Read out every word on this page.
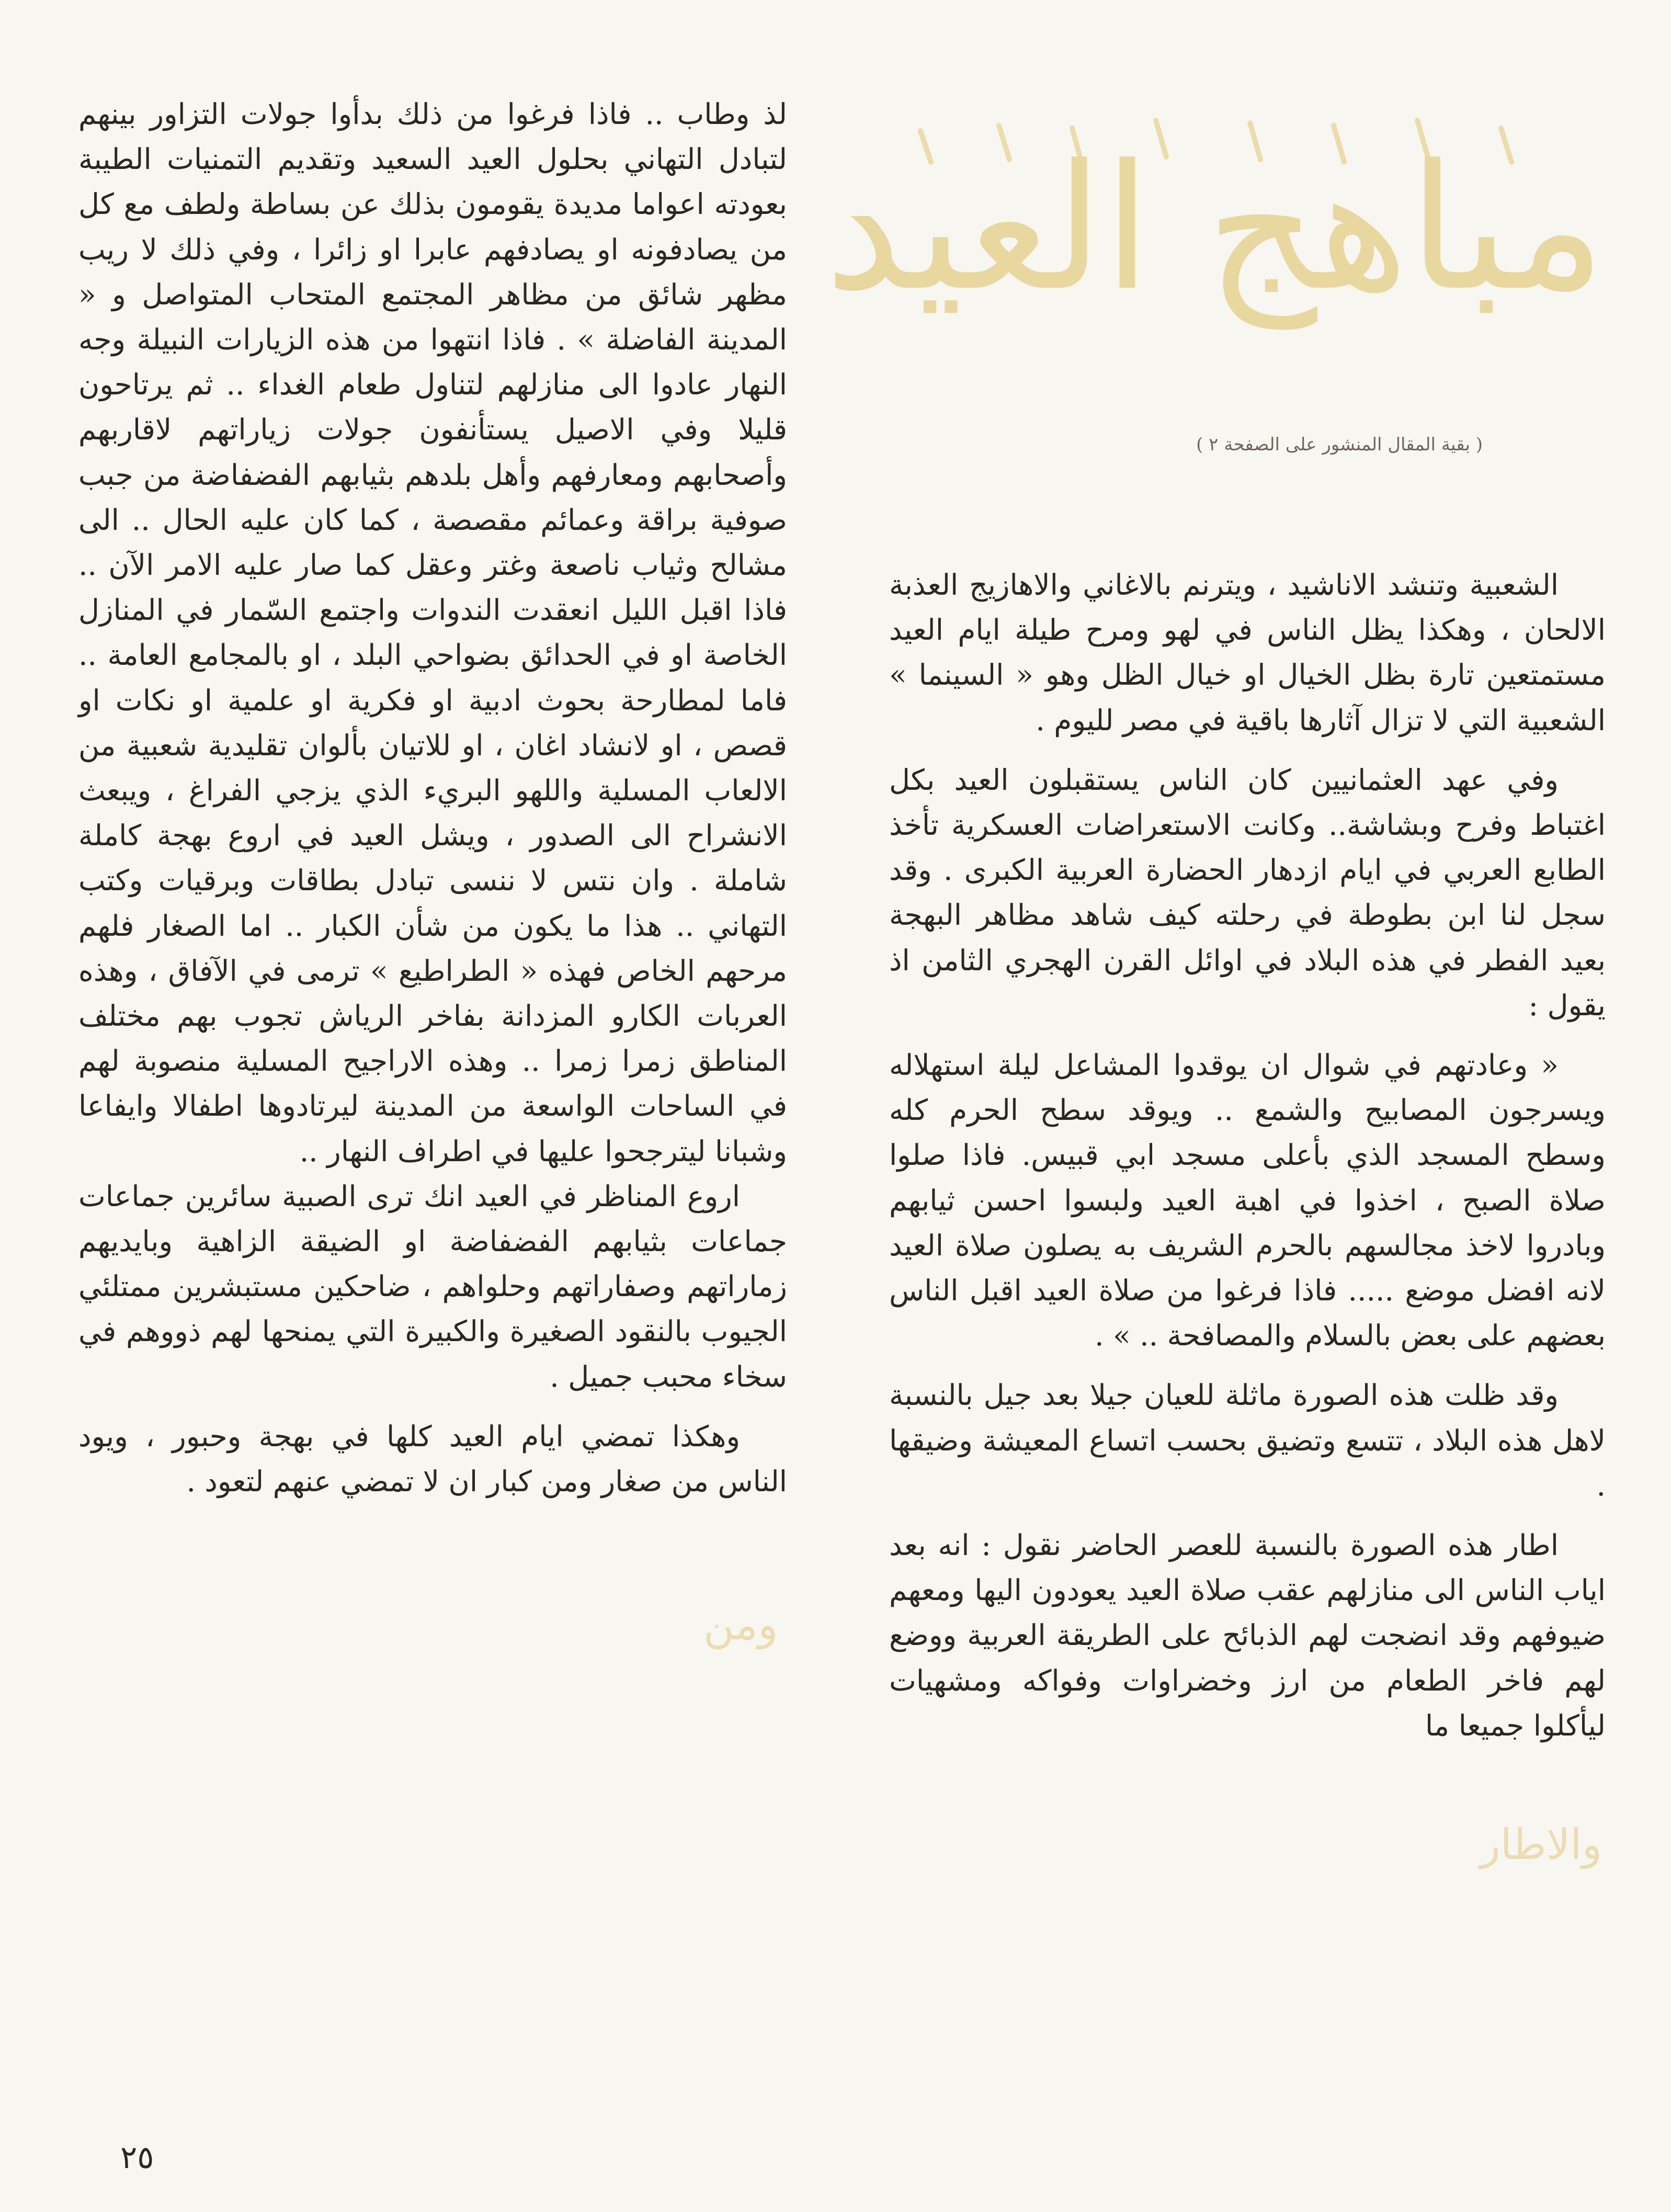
مباهج العيد
( بقية المقال المنشور على الصفحة ٢ )

الشعبية وتنشد الاناشيد ، ويترنم بالاغاني والاهازيج العذبة الالحان ، وهكذا يظل الناس في لهو ومرح طيلة ايام العيد مستمتعين تارة بظل الخيال او خيال الظل وهو « السينما » الشعبية التي لا تزال آثارها باقية في مصر لليوم .

وفي عهد العثمانيين كان الناس يستقبلون العيد بكل اغتباط وفرح وبشاشة.. وكانت الاستعراضات العسكرية تأخذ الطابع العربي في ايام ازدهار الحضارة العربية الكبرى . وقد سجل لنا ابن بطوطة في رحلته كيف شاهد مظاهر البهجة بعيد الفطر في هذه البلاد في اوائل القرن الهجري الثامن اذ يقول :

« وعادتهم في شوال ان يوقدوا المشاعل ليلة استهلاله ويسرجون المصابيح والشمع .. ويوقد سطح الحرم كله وسطح المسجد الذي بأعلى مسجد ابي قبيس. فاذا صلوا صلاة الصبح ، اخذوا في اهبة العيد ولبسوا احسن ثيابهم وبادروا لاخذ مجالسهم بالحرم الشريف به يصلون صلاة العيد لانه افضل موضع ..... فاذا فرغوا من صلاة العيد اقبل الناس بعضهم على بعض بالسلام والمصافحة .. » .

وقد ظلت هذه الصورة ماثلة للعيان جيلا بعد جيل بالنسبة لاهل هذه البلاد ، تتسع وتضيق بحسب اتساع المعيشة وضيقها .

اطار هذه الصورة بالنسبة للعصر الحاضر نقول : انه بعد اياب الناس الى منازلهم عقب صلاة العيد يعودون اليها ومعهم ضيوفهم وقد انضجت لهم الذبائح على الطريقة العربية ووضع لهم فاخر الطعام من ارز وخضراوات وفواكه ومشهيات ليأكلوا جميعا ما

لذ وطاب .. فاذا فرغوا من ذلك بدأوا جولات التزاور بينهم لتبادل التهاني بحلول العيد السعيد وتقديم التمنيات الطيبة بعودته اعواما مديدة يقومون بذلك عن بساطة ولطف مع كل من يصادفونه او يصادفهم عابرا او زائرا ، وفي ذلك لا ريب مظهر شائق من مظاهر المجتمع المتحاب المتواصل و « المدينة الفاضلة » . فاذا انتهوا من هذه الزيارات النبيلة وجه النهار عادوا الى منازلهم لتناول طعام الغداء .. ثم يرتاحون قليلا وفي الاصيل يستأنفون جولات زياراتهم لاقاربهم وأصحابهم ومعارفهم وأهل بلدهم بثيابهم الفضفاضة من جبب صوفية براقة وعمائم مقصصة ، كما كان عليه الحال .. الى مشالح وثياب ناصعة وغتر وعقل كما صار عليه الامر الآن .. فاذا اقبل الليل انعقدت الندوات واجتمع السّمار في المنازل الخاصة او في الحدائق بضواحي البلد ، او بالمجامع العامة .. فاما لمطارحة بحوث ادبية او فكرية او علمية او نكات او قصص ، او لانشاد اغان ، او للاتيان بألوان تقليدية شعبية من الالعاب المسلية واللهو البريء الذي يزجي الفراغ ، ويبعث الانشراح الى الصدور ، ويشل العيد في اروع بهجة كاملة شاملة . وان نتس لا ننسى تبادل بطاقات وبرقيات وكتب التهاني .. هذا ما يكون من شأن الكبار .. اما الصغار فلهم مرحهم الخاص فهذه « الطراطيع » ترمى في الآفاق ، وهذه العربات الكارو المزدانة بفاخر الرياش تجوب بهم مختلف المناطق زمرا زمرا .. وهذه الاراجيح المسلية منصوبة لهم في الساحات الواسعة من المدينة ليرتادوها اطفالا وايفاعا وشبانا ليترجحوا عليها في اطراف النهار ..

اروع المناظر في العيد انك ترى الصبية سائرين جماعات جماعات بثيابهم الفضفاضة او الضيقة الزاهية وبايديهم زماراتهم وصفاراتهم وحلواهم ، ضاحكين مستبشرين ممتلئي الجيوب بالنقود الصغيرة والكبيرة التي يمنحها لهم ذووهم في سخاء محبب جميل .

وهكذا تمضي ايام العيد كلها في بهجة وحبور ، ويود الناس من صغار ومن كبار ان لا تمضي عنهم لتعود .

ومن
والاطار
٢٥
